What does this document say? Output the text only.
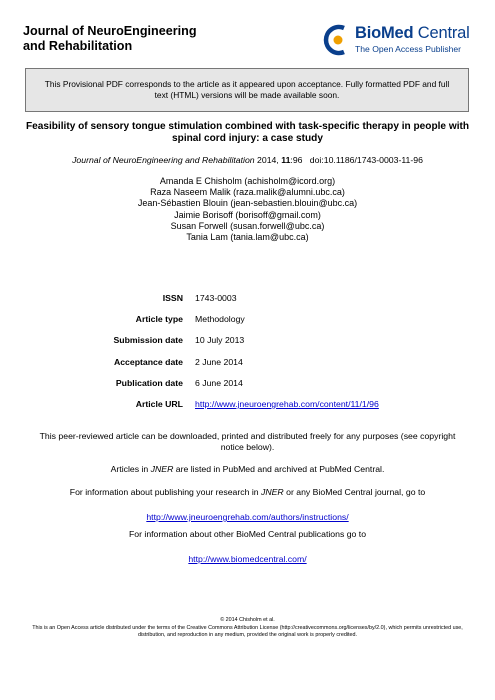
Journal of NeuroEngineering
and Rehabilitation
BioMed Central
The Open Access Publisher
This Provisional PDF corresponds to the article as it appeared upon acceptance. Fully formatted PDF and full text (HTML) versions will be made available soon.
Feasibility of sensory tongue stimulation combined with task-specific therapy in people with spinal cord injury: a case study
Journal of NeuroEngineering and Rehabilitation 2014, 11:96 doi:10.1186/1743-0003-11-96
Amanda E Chisholm (achisholm@icord.org)
Raza Naseem Malik (raza.malik@alumni.ubc.ca)
Jean-Sébastien Blouin (jean-sebastien.blouin@ubc.ca)
Jaimie Borisoff (borisoff@gmail.com)
Susan Forwell (susan.forwell@ubc.ca)
Tania Lam (tania.lam@ubc.ca)
ISSN 1743-0003
Article type Methodology
Submission date 10 July 2013
Acceptance date 2 June 2014
Publication date 6 June 2014
Article URL http://www.jneuroengrehab.com/content/11/1/96
This peer-reviewed article can be downloaded, printed and distributed freely for any purposes (see copyright notice below).
Articles in JNER are listed in PubMed and archived at PubMed Central.
For information about publishing your research in JNER or any BioMed Central journal, go to
http://www.jneuroengrehab.com/authors/instructions/
For information about other BioMed Central publications go to
http://www.biomedcentral.com/
© 2014 Chisholm et al.
This is an Open Access article distributed under the terms of the Creative Commons Attribution License (http://creativecommons.org/licenses/by/2.0), which permits unrestricted use, distribution, and reproduction in any medium, provided the original work is properly credited.
